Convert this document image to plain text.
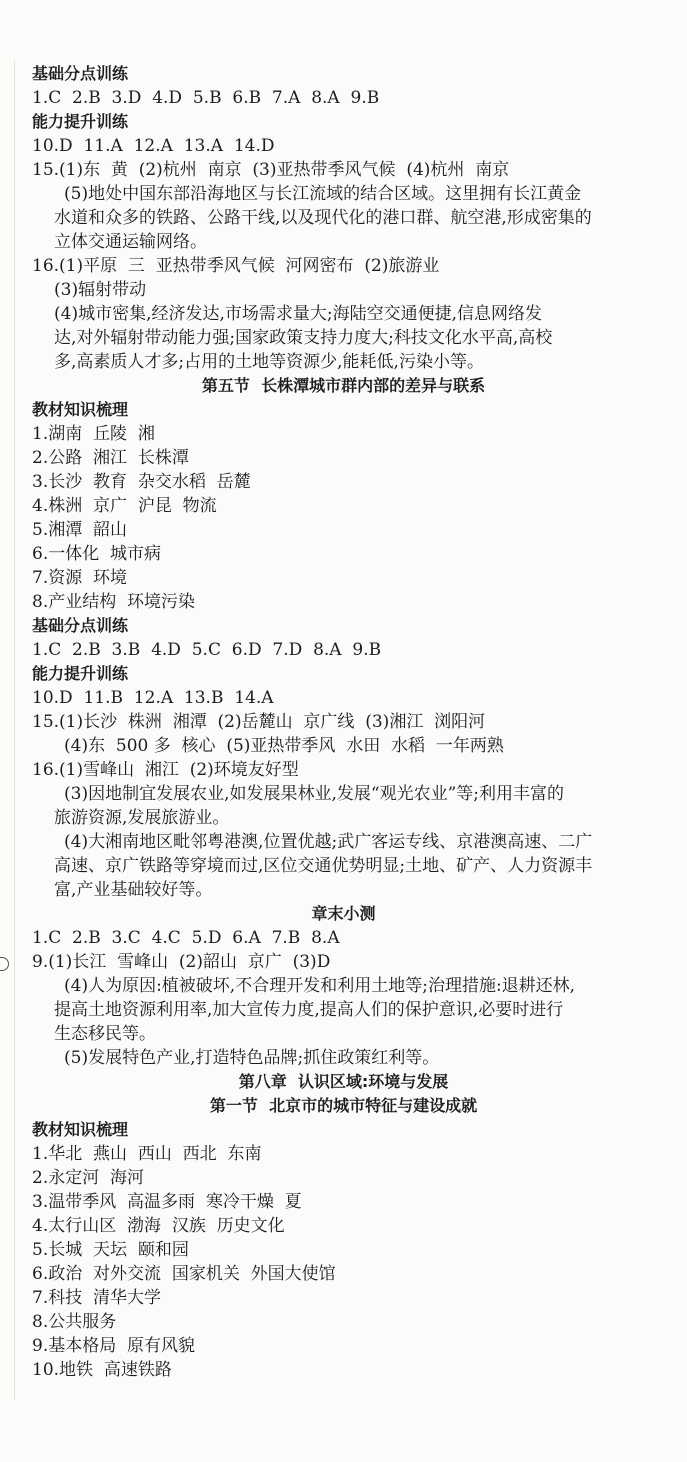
基础分点训练
1.C  2.B  3.D  4.D  5.B  6.B  7.A  8.A  9.B
能力提升训练
10.D  11.A  12.A  13.A  14.D
15.(1)东  黄  (2)杭州  南京  (3)亚热带季风气候  (4)杭州  南京
(5)地处中国东部沿海地区与长江流域的结合区域。这里拥有长江黄金
水道和众多的铁路、公路干线,以及现代化的港口群、航空港,形成密集的
立体交通运输网络。
16.(1)平原  三  亚热带季风气候  河网密布  (2)旅游业
(3)辐射带动
(4)城市密集,经济发达,市场需求量大;海陆空交通便捷,信息网络发
达,对外辐射带动能力强;国家政策支持力度大;科技文化水平高,高校
多,高素质人才多;占用的土地等资源少,能耗低,污染小等。
第五节  长株潭城市群内部的差异与联系
教材知识梳理
1.湖南  丘陵  湘
2.公路  湘江  长株潭
3.长沙  教育  杂交水稻  岳麓
4.株洲  京广  沪昆  物流
5.湘潭  韶山
6.一体化  城市病
7.资源  环境
8.产业结构  环境污染
基础分点训练
1.C  2.B  3.B  4.D  5.C  6.D  7.D  8.A  9.B
能力提升训练
10.D  11.B  12.A  13.B  14.A
15.(1)长沙  株洲  湘潭  (2)岳麓山  京广线  (3)湘江  浏阳河
(4)东  500 多  核心  (5)亚热带季风  水田  水稻  一年两熟
16.(1)雪峰山  湘江  (2)环境友好型
(3)因地制宜发展农业,如发展果林业,发展“观光农业”等;利用丰富的
旅游资源,发展旅游业。
(4)大湘南地区毗邻粤港澳,位置优越;武广客运专线、京港澳高速、二广
高速、京广铁路等穿境而过,区位交通优势明显;土地、矿产、人力资源丰
富,产业基础较好等。
章末小测
1.C  2.B  3.C  4.C  5.D  6.A  7.B  8.A
9.(1)长江  雪峰山  (2)韶山  京广  (3)D
(4)人为原因:植被破坏,不合理开发和利用土地等;治理措施:退耕还林,
提高土地资源利用率,加大宣传力度,提高人们的保护意识,必要时进行
生态移民等。
(5)发展特色产业,打造特色品牌;抓住政策红利等。
第八章  认识区域:环境与发展
第一节  北京市的城市特征与建设成就
教材知识梳理
1.华北  燕山  西山  西北  东南
2.永定河  海河
3.温带季风  高温多雨  寒冷干燥  夏
4.太行山区  渤海  汉族  历史文化
5.长城  天坛  颐和园
6.政治  对外交流  国家机关  外国大使馆
7.科技  清华大学
8.公共服务
9.基本格局  原有风貌
10.地铁  高速铁路
